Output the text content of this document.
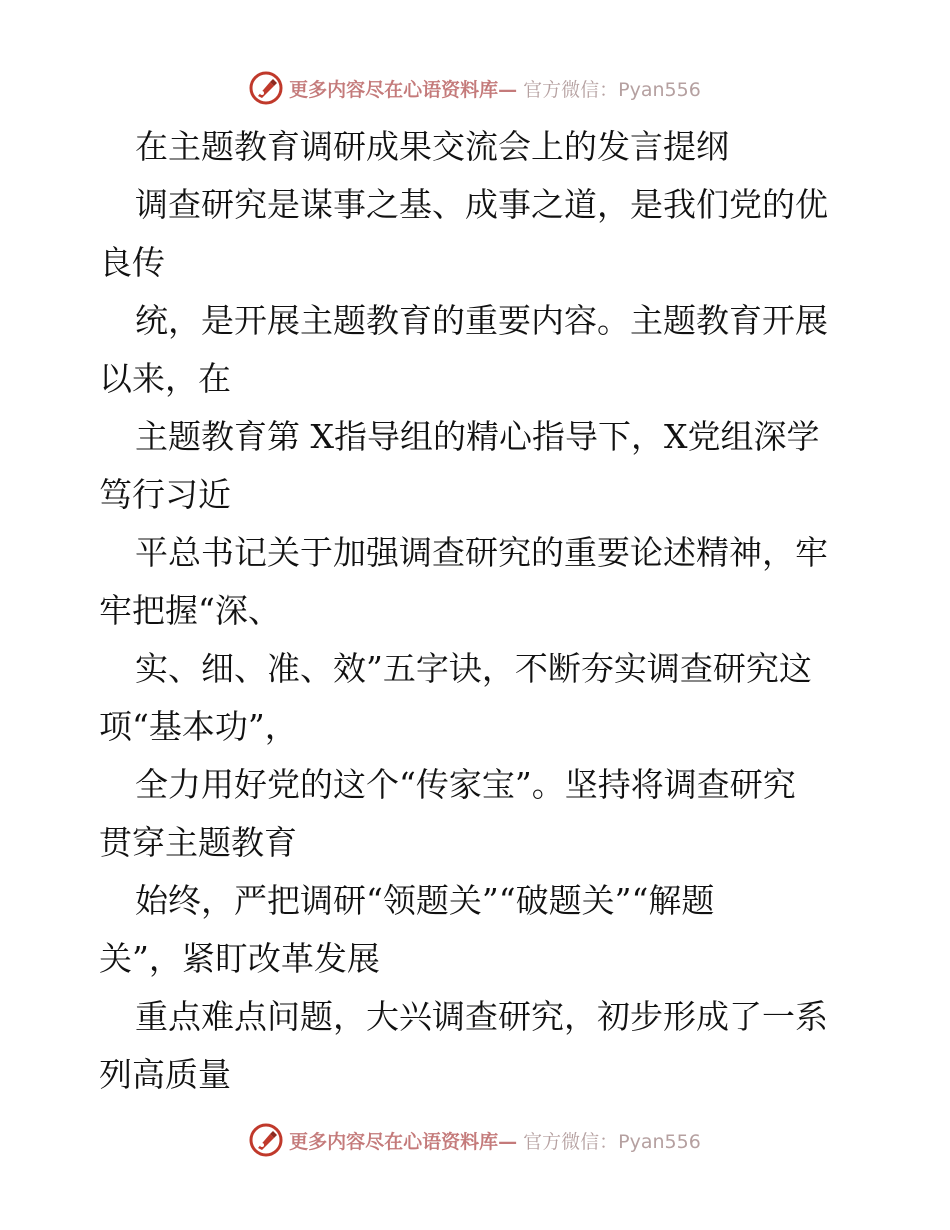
更多内容尽在心语资料库— 官方微信：Pyan556
在主题教育调研成果交流会上的发言提纲
调查研究是谋事之基、成事之道，是我们党的优
良传
统，是开展主题教育的重要内容。主题教育开展
以来，在
主题教育第 X指导组的精心指导下，X党组深学
笃行习近
平总书记关于加强调查研究的重要论述精神，牢
牢把握“深、
实、细、准、效”五字诀，不断夯实调查研究这
项“基本功”，
全力用好党的这个“传家宝”。坚持将调查研究
贯穿主题教育
始终，严把调研“领题关”“破题关”“解题
关”，紧盯改革发展
重点难点问题，大兴调查研究，初步形成了一系
列高质量
更多内容尽在心语资料库— 官方微信：Pyan556
